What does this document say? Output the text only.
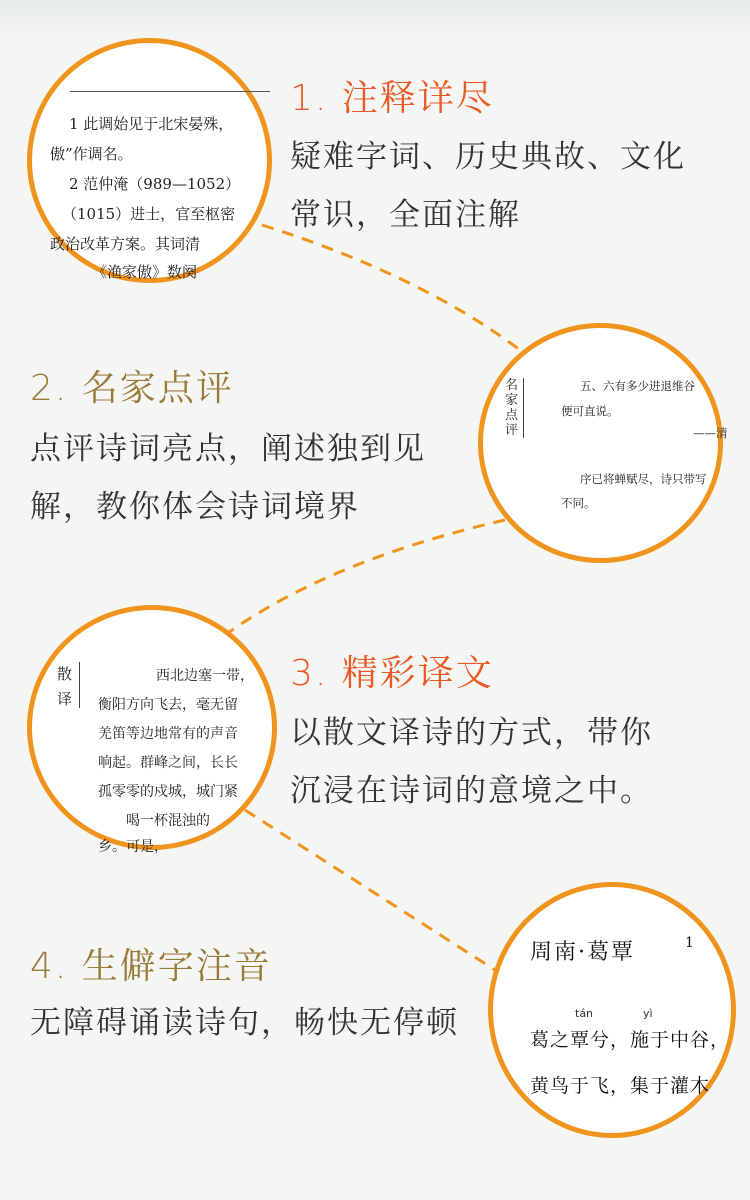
1 此调始见于北宋晏殊，
傲”作调名。
2 范仲淹（989—1052）
（1015）进士，官至枢密
政治改革方案。其词清
《渔家傲》数阕
1. 注释详尽
疑难字词、历史典故、文化
常识，全面注解
2. 名家点评
点评诗词亮点，阐述独到见
解，教你体会诗词境界
名家点评
五、六有多少进退维谷
便可直说。
——清
序已将蝉赋尽，诗只带写
不同。
散译
西北边塞一带，
衡阳方向飞去，毫无留
羌笛等边地常有的声音
响起。群峰之间，长长
孤零零的戍城，城门紧
喝一杯混浊的
乡。可是，
3. 精彩译文
以散文译诗的方式，带你
沉浸在诗词的意境之中。
4. 生僻字注音
无障碍诵读诗句，畅快无停顿
周南·葛覃	1
tán	yì
葛之覃兮，施于中谷，
黄鸟于飞，集于灌木
